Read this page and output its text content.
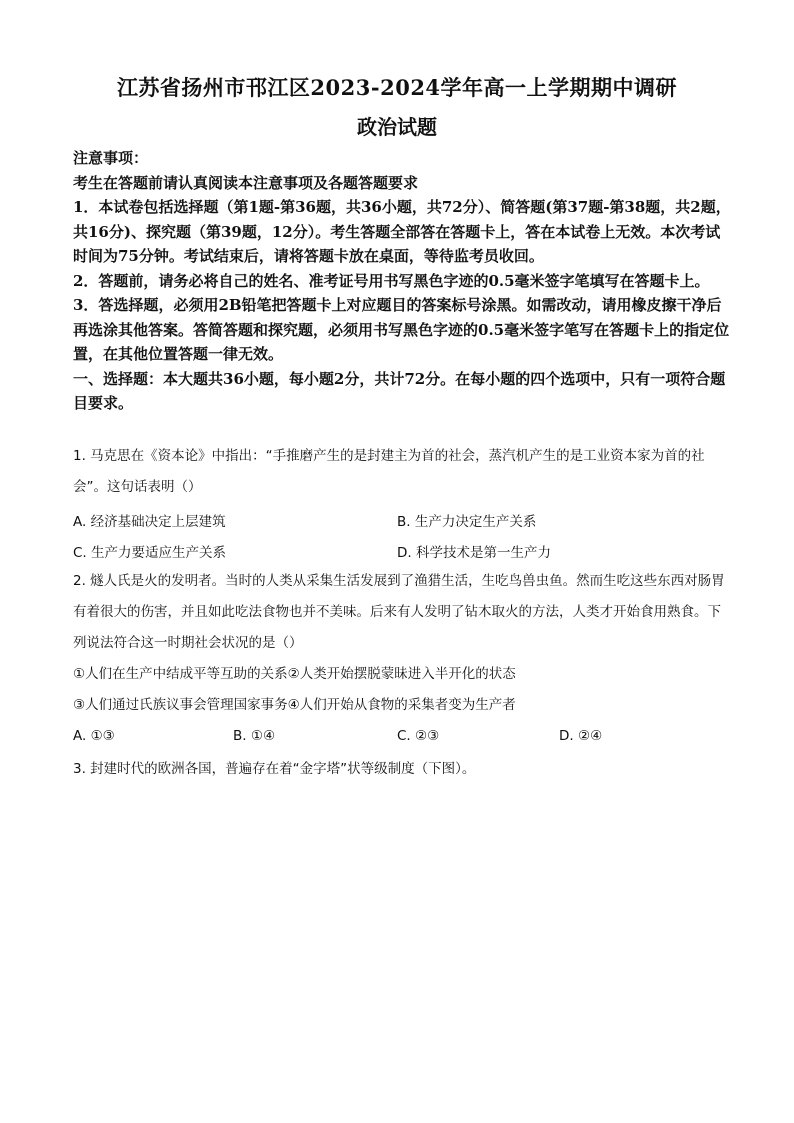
江苏省扬州市邗江区2023-2024学年高一上学期期中调研
政治试题

注意事项：

考生在答题前请认真阅读本注意事项及各题答题要求

1．本试卷包括选择题（第1题-第36题，共36小题，共72分）、简答题(第37题-第38题，共2题，共16分)、探究题（第39题，12分）。考生答题全部答在答题卡上，答在本试卷上无效。本次考试时间为75分钟。考试结束后，请将答题卡放在桌面，等待监考员收回。

2．答题前，请务必将自己的姓名、准考证号用书写黑色字迹的0.5毫米签字笔填写在答题卡上。

3．答选择题，必须用2B铅笔把答题卡上对应题目的答案标号涂黑。如需改动，请用橡皮擦干净后再选涂其他答案。答简答题和探究题，必须用书写黑色字迹的0.5毫米签字笔写在答题卡上的指定位置，在其他位置答题一律无效。

一、选择题：本大题共36小题，每小题2分，共计72分。在每小题的四个选项中，只有一项符合题目要求。

1. 马克思在《资本论》中指出：“手推磨产生的是封建主为首的社会，蒸汽机产生的是工业资本家为首的社会”。这句话表明（）

A. 经济基础决定上层建筑	B. 生产力决定生产关系
C. 生产力要适应生产关系	D. 科学技术是第一生产力

2. 燧人氏是火的发明者。当时的人类从采集生活发展到了渔猎生活，生吃鸟兽虫鱼。然而生吃这些东西对肠胃有着很大的伤害，并且如此吃法食物也并不美味。后来有人发明了钻木取火的方法，人类才开始食用熟食。下列说法符合这一时期社会状况的是（）

①人们在生产中结成平等互助的关系②人类开始摆脱蒙昧进入半开化的状态

③人们通过氏族议事会管理国家事务④人们开始从食物的采集者变为生产者

A. ①③	B. ①④	C. ②③	D. ②④

3. 封建时代的欧洲各国，普遍存在着“金字塔”状等级制度（下图）。
